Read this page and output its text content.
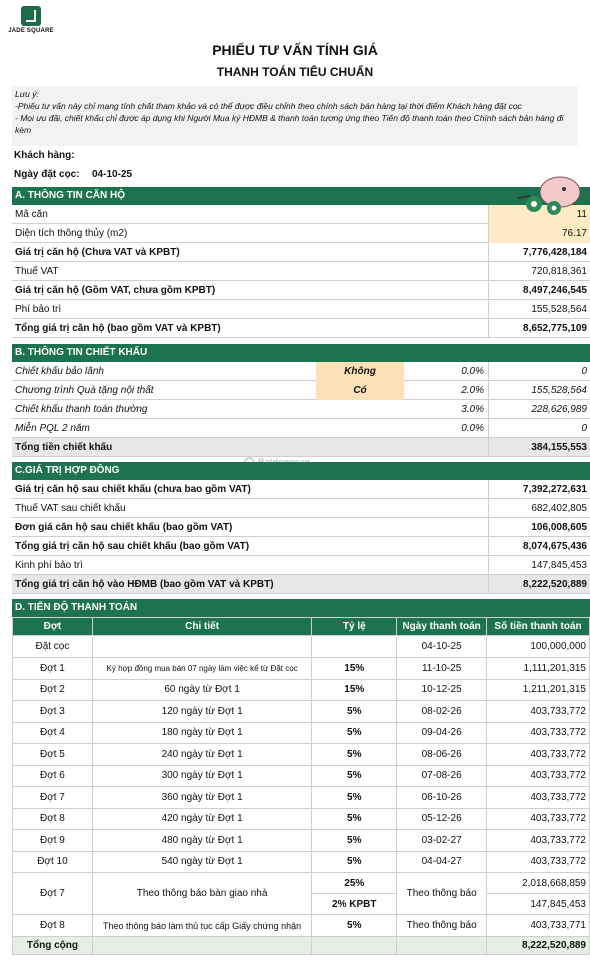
JADE SQUARE
PHIẾU TƯ VẤN TÍNH GIÁ
THANH TOÁN TIÊU CHUẨN
Lưu ý:
-Phiếu tư vấn này chỉ mang tính chất tham khảo và có thể được điều chỉnh theo chính sách bán hàng tại thời điểm Khách hàng đặt cọc
- Mọi ưu đãi, chiết khấu chỉ được áp dụng khi Người Mua ký HĐMB & thanh toán tương ứng theo Tiến độ thanh toán theo Chính sách bán hàng đi kèm
Khách hàng:
Ngày đặt cọc: 04-10-25
A. THÔNG TIN CĂN HỘ
Mã căn	11
Diện tích thông thủy (m2)	76.17
Giá trị căn hộ (Chưa VAT và KPBT)	7,776,428,184
Thuế VAT	720,818,361
Giá trị căn hộ (Gồm VAT, chưa gồm KPBT)	8,497,246,545
Phí bảo trì	155,528,564
Tổng giá trị căn hộ (bao gồm VAT và KPBT)	8,652,775,109
B. THÔNG TIN CHIẾT KHẤU
Chiết khấu bảo lãnh	Không	0.0%	0
Chương trình Quà tặng nội thất	Có	2.0%	155,528,564
Chiết khấu thanh toán thường	3.0%	228,626,989
Miễn PQL 2 năm	0.0%	0
Tổng tiền chiết khấu	384,155,553
C.GIÁ TRỊ HỢP ĐỒNG
Giá trị căn hộ sau chiết khấu (chưa bao gồm VAT)	7,392,272,631
Thuế VAT sau chiết khấu	682,402,805
Đơn giá căn hộ sau chiết khấu (bao gồm VAT)	106,008,605
Tổng giá trị căn hộ sau chiết khấu (bao gồm VAT)	8,074,675,436
Kinh phí bảo trì	147,845,453
Tổng giá trị căn hộ vào HĐMB (bao gồm VAT và KPBT)	8,222,520,889
D. TIẾN ĐỘ THANH TOÁN
Đợt	Chi tiết	Tỷ lệ	Ngày thanh toán	Số tiền thanh toán
Đặt cọc			04-10-25	100,000,000
Đợt 1	Ký hợp đồng mua bán 07 ngày làm việc kể từ Đặt cọc	15%	11-10-25	1,111,201,315
Đợt 2	60 ngày từ Đợt 1	15%	10-12-25	1,211,201,315
Đợt 3	120 ngày từ Đợt 1	5%	08-02-26	403,733,772
Đợt 4	180 ngày từ Đợt 1	5%	09-04-26	403,733,772
Đợt 5	240 ngày từ Đợt 1	5%	08-06-26	403,733,772
Đợt 6	300 ngày từ Đợt 1	5%	07-08-26	403,733,772
Đợt 7	360 ngày từ Đợt 1	5%	06-10-26	403,733,772
Đợt 8	420 ngày từ Đợt 1	5%	05-12-26	403,733,772
Đợt 9	480 ngày từ Đợt 1	5%	03-02-27	403,733,772
Đợt 10	540 ngày từ Đợt 1	5%	04-04-27	403,733,772
Đợt 7	Theo thông báo bàn giao nhà	25%	Theo thông báo	2,018,668,859
		2% KPBT		147,845,453
Đợt 8	Theo thông báo làm thủ tục cấp Giấy chứng nhận	5%	Theo thông báo	403,733,771
Tổng cộng				8,222,520,889
